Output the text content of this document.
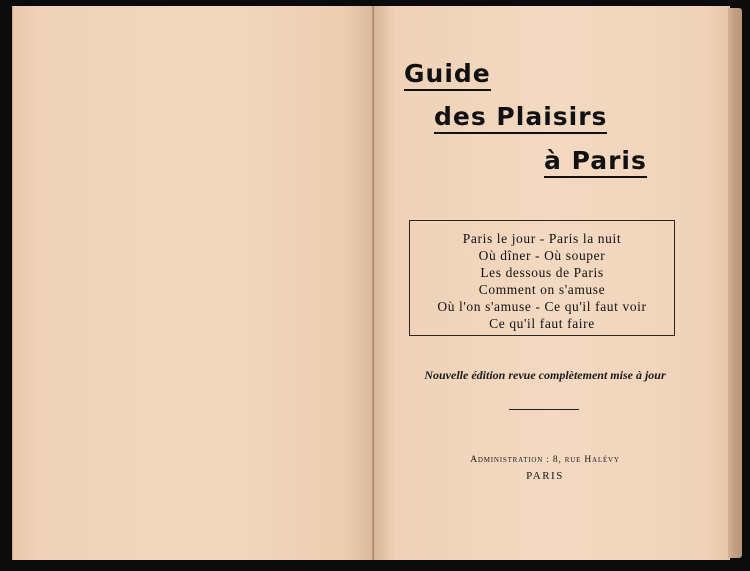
Guide
des Plaisirs
à Paris
Paris le jour - Paris la nuit
Où dîner - Où souper
Les dessous de Paris
Comment on s'amuse
Où l'on s'amuse - Ce qu'il faut voir
Ce qu'il faut faire
Nouvelle édition revue complètement mise à jour
Administration : 8, rue Halévy
PARIS
